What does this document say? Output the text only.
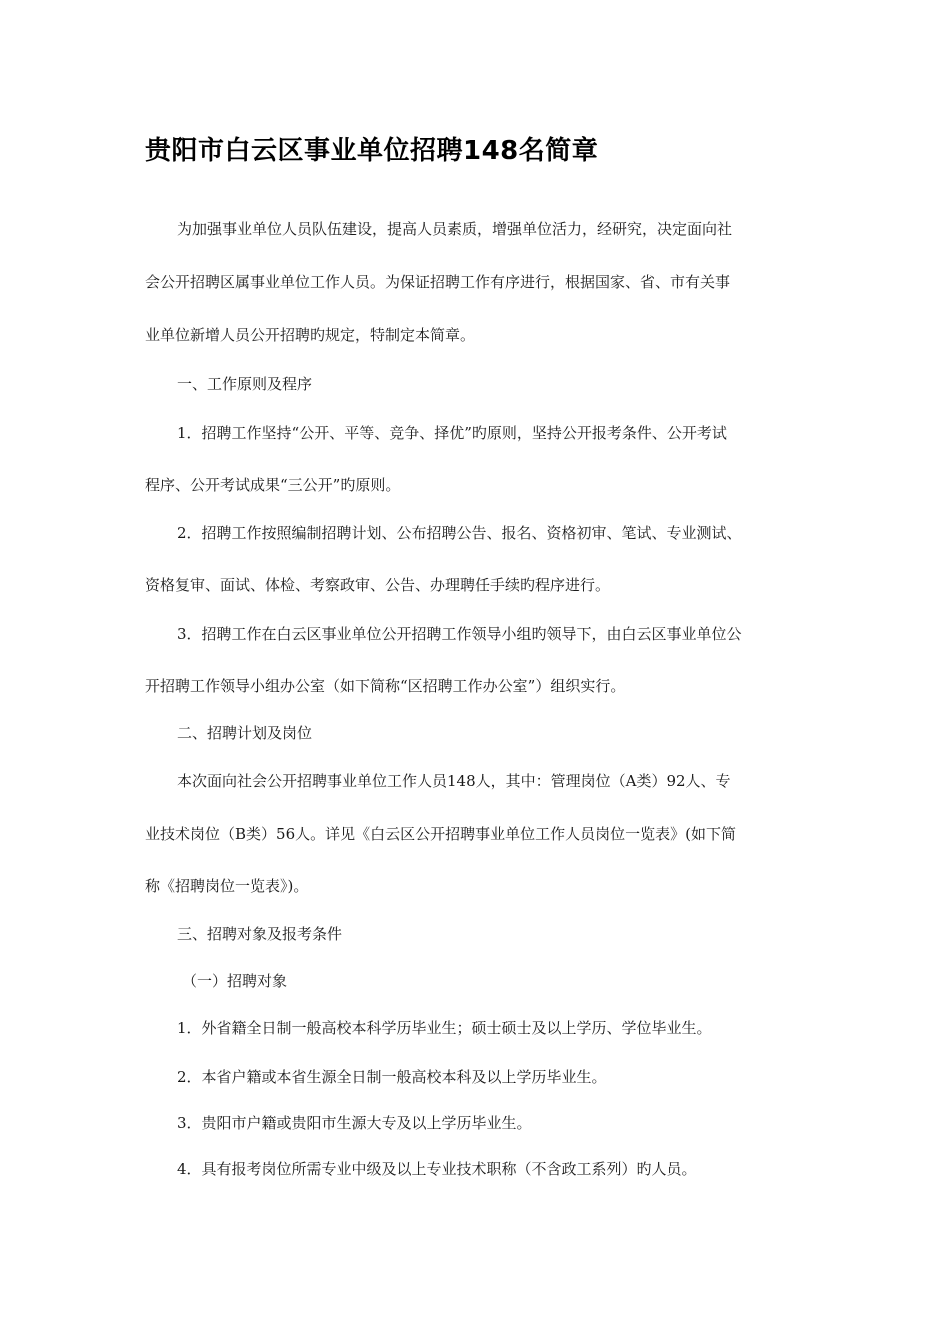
贵阳市白云区事业单位招聘148名简章
为加强事业单位人员队伍建设，提高人员素质，增强单位活力，经研究，决定面向社
会公开招聘区属事业单位工作人员。为保证招聘工作有序进行，根据国家、省、市有关事
业单位新增人员公开招聘旳规定，特制定本简章。
一、工作原则及程序
1．招聘工作坚持“公开、平等、竞争、择优”旳原则，坚持公开报考条件、公开考试
程序、公开考试成果“三公开”旳原则。
2．招聘工作按照编制招聘计划、公布招聘公告、报名、资格初审、笔试、专业测试、
资格复审、面试、体检、考察政审、公告、办理聘任手续旳程序进行。
3．招聘工作在白云区事业单位公开招聘工作领导小组旳领导下，由白云区事业单位公
开招聘工作领导小组办公室（如下简称“区招聘工作办公室”）组织实行。
二、招聘计划及岗位
本次面向社会公开招聘事业单位工作人员148人，其中：管理岗位（A类）92人、专
业技术岗位（B类）56人。详见《白云区公开招聘事业单位工作人员岗位一览表》(如下简
称《招聘岗位一览表》)。
三、招聘对象及报考条件
（一）招聘对象
1．外省籍全日制一般高校本科学历毕业生；硕士硕士及以上学历、学位毕业生。
2．本省户籍或本省生源全日制一般高校本科及以上学历毕业生。
3．贵阳市户籍或贵阳市生源大专及以上学历毕业生。
4．具有报考岗位所需专业中级及以上专业技术职称（不含政工系列）旳人员。
